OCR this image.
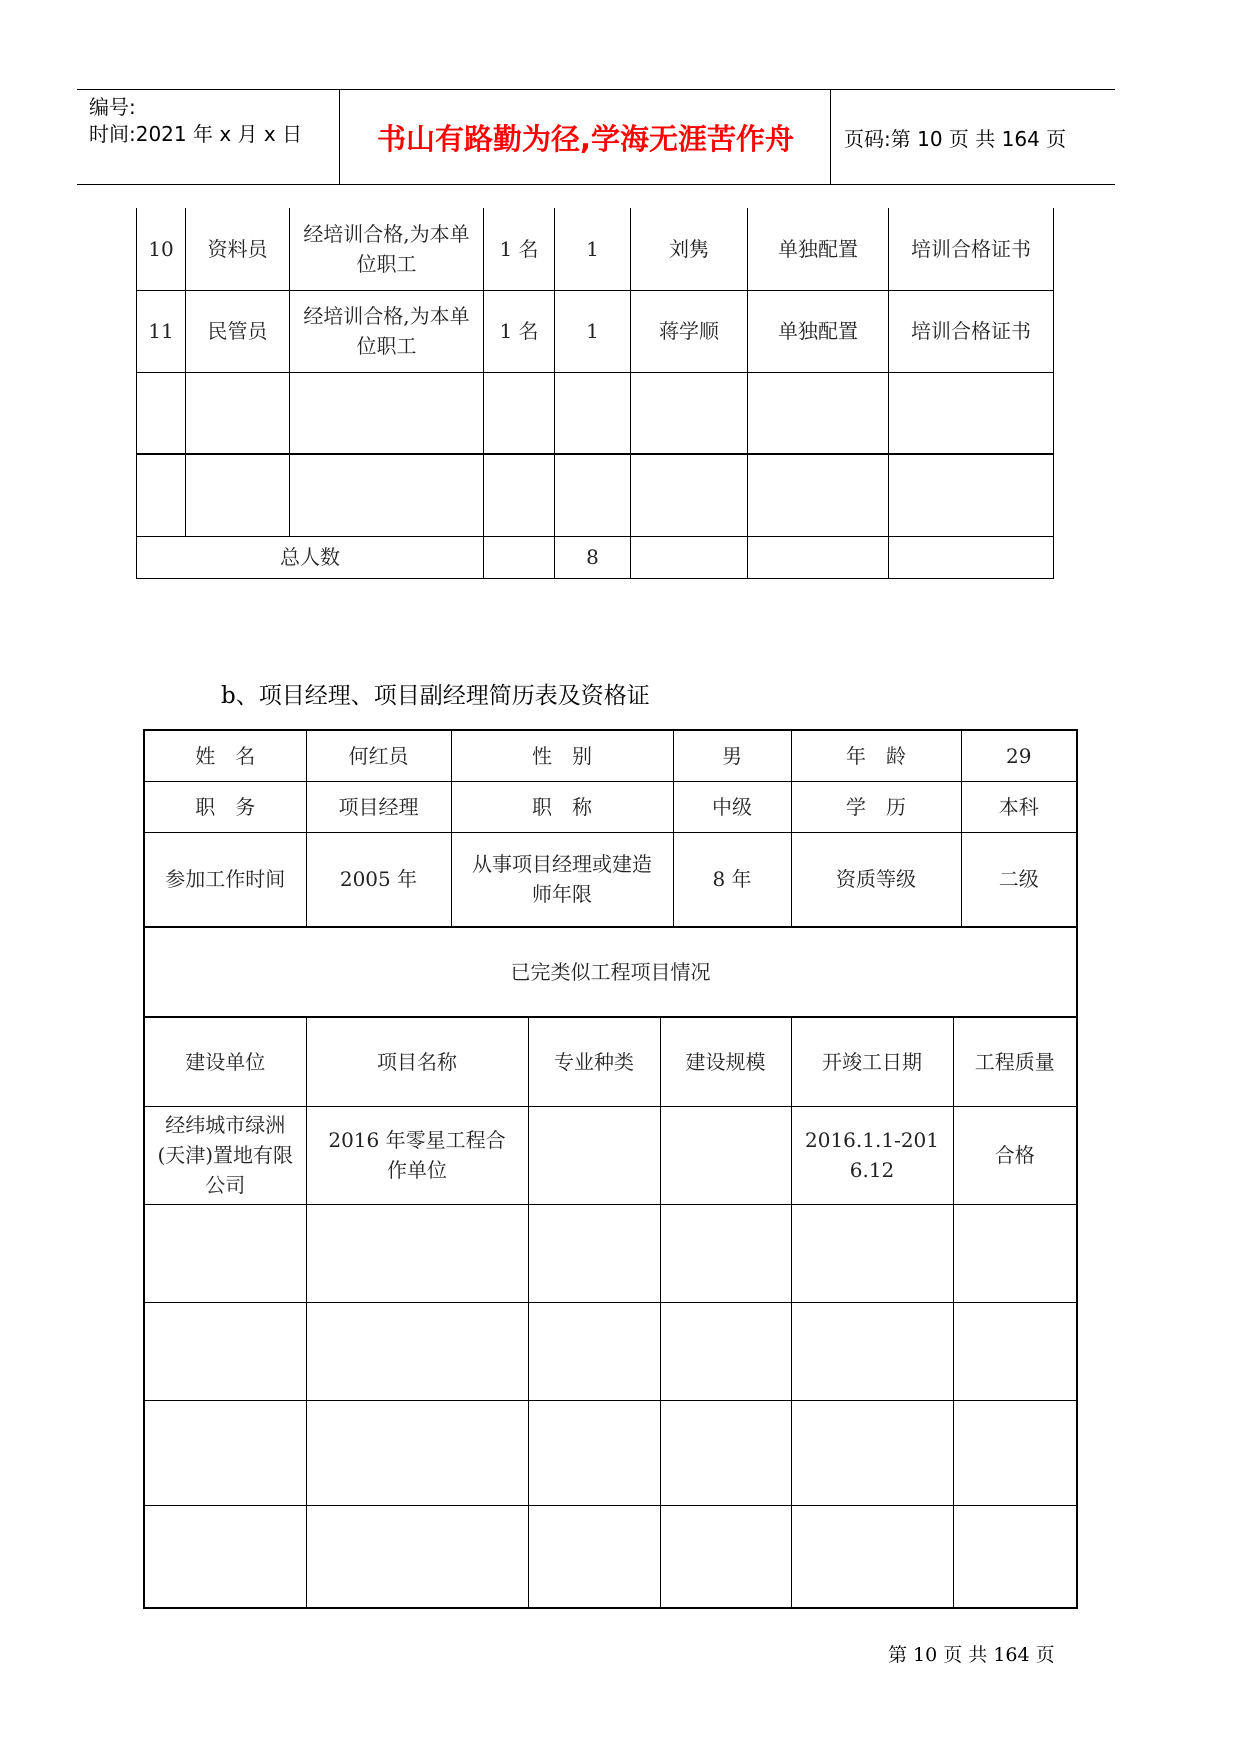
编号:
时间:2021 年 x 月 x 日	书山有路勤为径,学海无涯苦作舟	页码:第 10 页 共 164 页
10	资料员	经培训合格,为本单位职工	1 名	1	刘隽	单独配置	培训合格证书
11	民管员	经培训合格,为本单位职工	1 名	1	蒋学顺	单独配置	培训合格证书

总人数				8			
b、项目经理、项目副经理简历表及资格证
姓　名	何红员	性　别	男	年　龄	29
职　务	项目经理	职　称	中级	学　历	本科
参加工作时间	2005 年	从事项目经理或建造师年限	8 年	资质等级	二级
已完类似工程项目情况					
建设单位	项目名称	专业种类	建设规模	开竣工日期	工程质量
经纬城市绿洲(天津)置地有限公司	2016 年零星工程合作单位			2016.1.1-2016.12	合格

第 10 页 共 164 页
